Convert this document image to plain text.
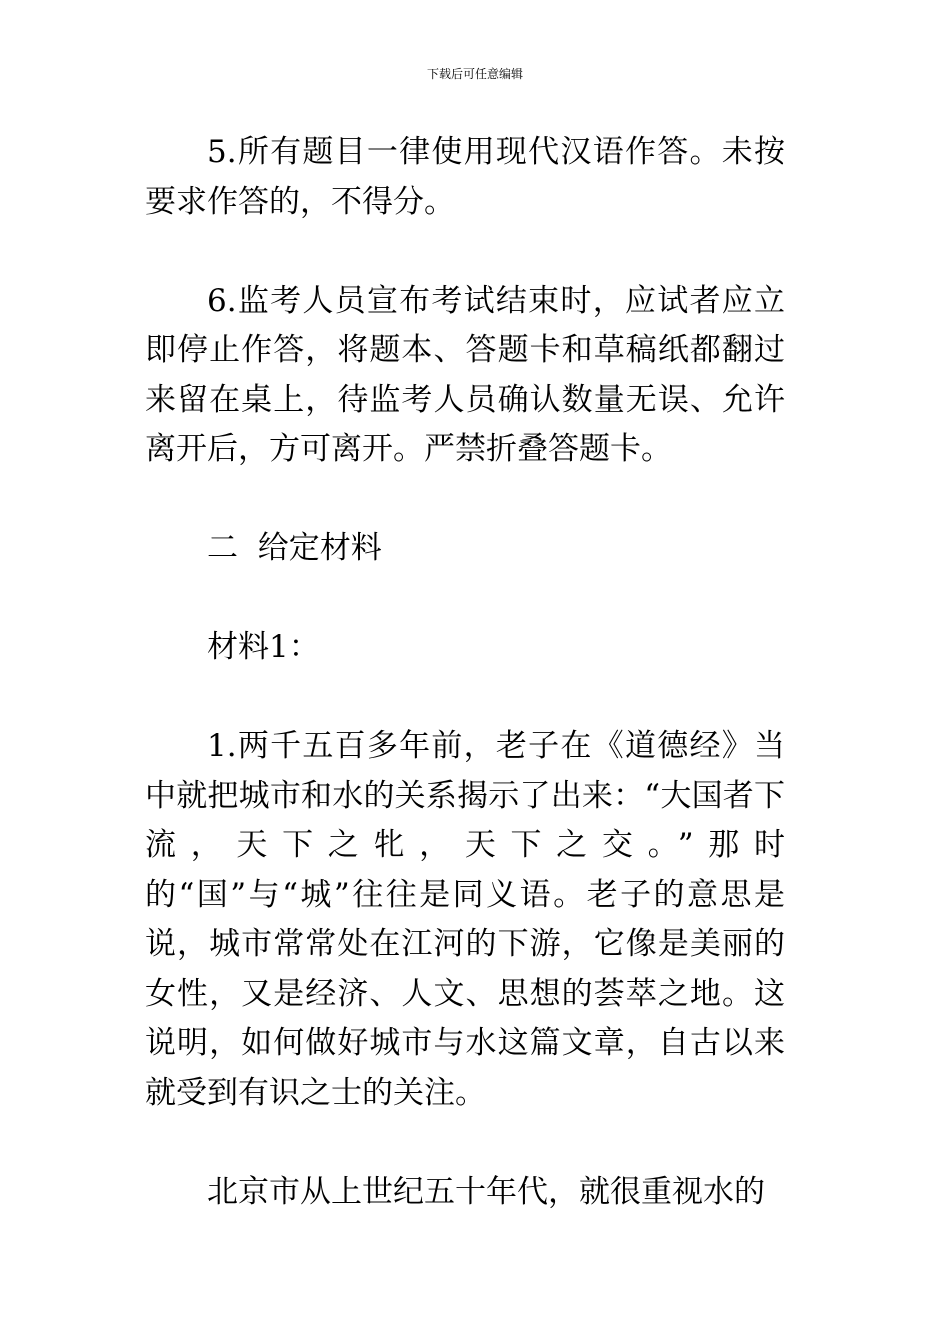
下载后可任意编辑

5.所有题目一律使用现代汉语作答。未按要求作答的，不得分。

6.监考人员宣布考试结束时，应试者应立即停止作答，将题本、答题卡和草稿纸都翻过来留在桌上，待监考人员确认数量无误、允许离开后，方可离开。严禁折叠答题卡。

二  给定材料

材料1：

1.两千五百多年前，老子在《道德经》当中就把城市和水的关系揭示了出来：“大国者下流，天下之牝，天下之交。”那时的“国”与“城”往往是同义语。老子的意思是说，城市常常处在江河的下游，它像是美丽的女性，又是经济、人文、思想的荟萃之地。这说明，如何做好城市与水这篇文章，自古以来就受到有识之士的关注。

北京市从上世纪五十年代，就很重视水的
